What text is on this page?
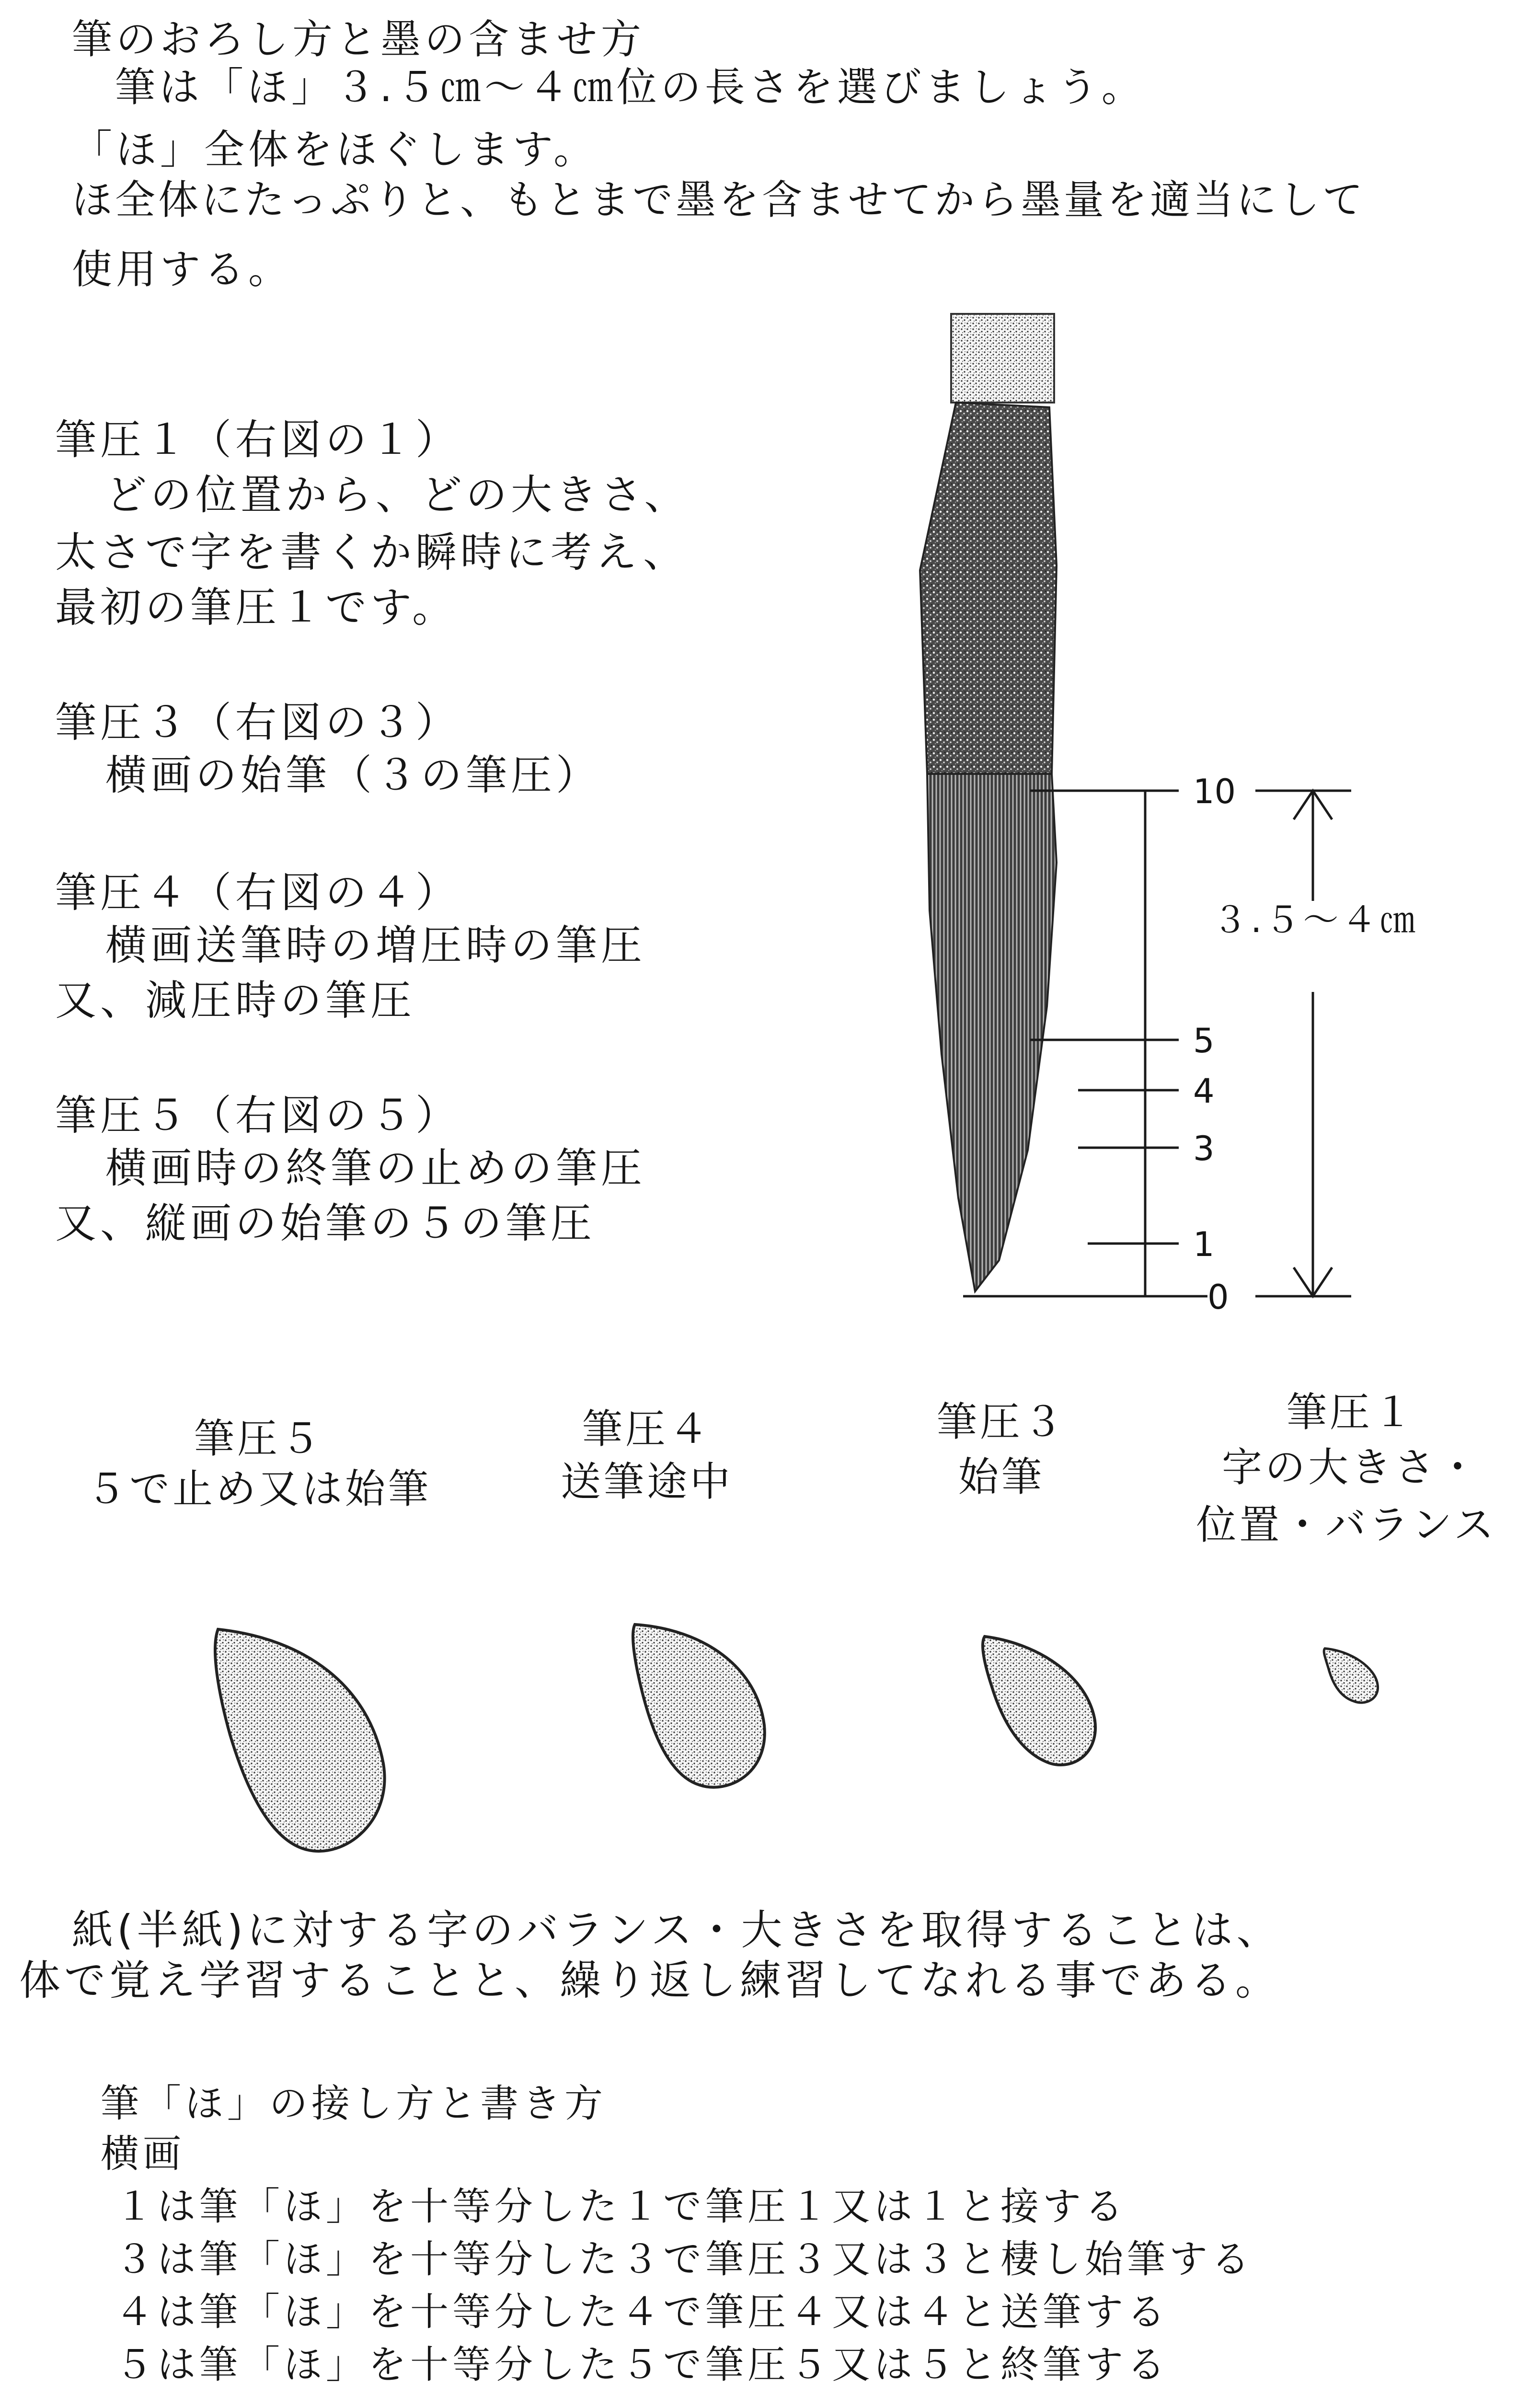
筆のおろし方と墨の含ませ方
筆は「ほ」３.５㎝～４㎝位の長さを選びましょう。
「ほ」全体をほぐします。
ほ全体にたっぷりと、もとまで墨を含ませてから墨量を適当にして
使用する。
筆圧１（右図の１）
どの位置から、どの大きさ、
太さで字を書くか瞬時に考え、
最初の筆圧１です。
筆圧３（右図の３）
横画の始筆（３の筆圧）
筆圧４（右図の４）
横画送筆時の増圧時の筆圧
又、減圧時の筆圧
筆圧５（右図の５）
横画時の終筆の止めの筆圧
又、縦画の始筆の５の筆圧
10
5
4
3
1
0
３.５～４㎝
筆圧５
５で止め又は始筆
筆圧４
送筆途中
筆圧３
始筆
筆圧１
字の大きさ・
位置・バランス
紙(半紙)に対する字のバランス・大きさを取得することは、
体で覚え学習することと、繰り返し練習してなれる事である。
筆「ほ」の接し方と書き方
横画
１は筆「ほ」を十等分した１で筆圧１又は１と接する
３は筆「ほ」を十等分した３で筆圧３又は３と棲し始筆する
４は筆「ほ」を十等分した４で筆圧４又は４と送筆する
５は筆「ほ」を十等分した５で筆圧５又は５と終筆する
